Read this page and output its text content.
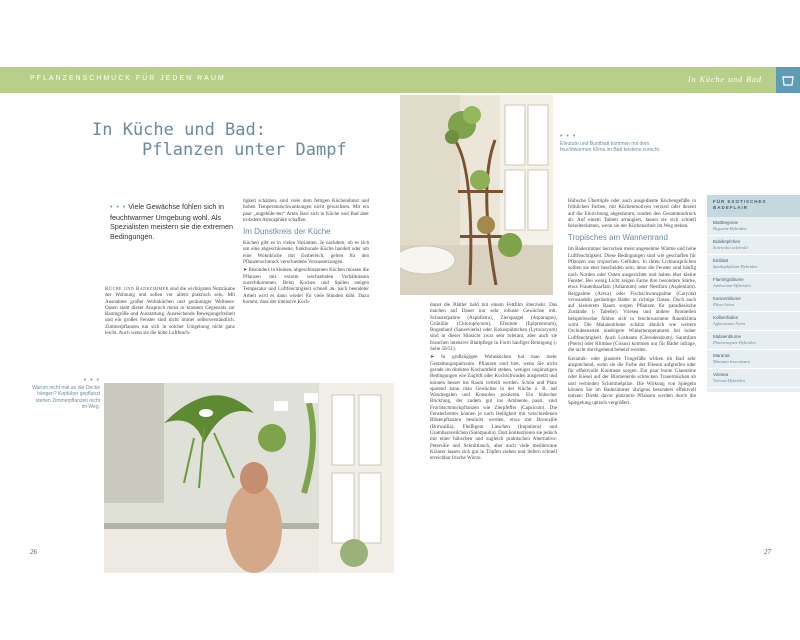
PFLANZENSCHMUCK FÜR JEDEN RAUM	In Küche und Bad
In Küche und Bad:
Pflanzen unter Dampf
• • • Viele Gewächse fühlen sich in feuchtwarmer Umgebung wohl. Als Spezialisten meistern sie die extremen Bedingungen.

Küche und Badezimmer sind die wichtigsten Nutzräume der Wohnung und sollen vor allem praktisch sein. Mit Ausnahme großer Wohnküchen und geräumiger Wellness-Oasen steht dieser Anspruch meist in krassem Gegensatz zur Raumgröße und Ausstattung. Ausreichende Bewegungsfreiheit und ein großes Fenster sind nicht immer selbstverständlich. Zimmerpflanzen tun sich in solcher Umgebung nicht ganz leicht. Auch wenn sie die hohe Luftfeuch-

tigkeit schätzen, sind viele dem fettigen Küchendunst und hohen Temperaturschwankungen nicht gewachsen. Mit ein paar „ungebühr-ten“ Arten lässt sich in Küche und Bad aber trotzdem Atmosphäre schaffen.

Im Dunstkreis der Küche

Küchen gibt es in vielen Varianten. Je nachdem, ob es sich um eine abgeschlossene, funktionale Küche handelt oder um eine Wohnküche mit Essbereich, gelten für den Pflanzenschmuck verschiedene Voraussetzungen.

➤ Besonders in kleinen, abgeschlossenen Küchen müssen die Pflanzen mit extrem wechselnden Verhältnissen zurechtkommen. Beim Kochen und Spülen steigen Temperatur und Luftfeuchtigkeit schnell an, nach beendeter Arbeit wird es dann wieder für viele Stunden kühl. Dazu kommt, dass der intensive Koch-

dunst die Blätter bald mit einem Fettfilm überzieht. Das machen auf Dauer nur sehr robuste Gewächse mit. Schusterpalme (Aspidistra), Zierspargel (Asparagus), Grünlilie (Chlorophytum), Efeutute (Epipremnum), Bogenhanf (Sansevieria) oder Kokospälmchen (Lytocaryum) sind in dieser Hinsicht zwar sehr tolerant, aber auch sie brauchen intensive Blattpflege in Form häufiger Reinigung (› Seite 50/51).

➤ In großzügigen Wohnküchen hat man mehr Gestaltungsspielraum. Pflanzen sind hier, wenn Sie nicht gerade im direkten Kochumfeld stehen, weniger ungünstigen Bedingungen wie Zugluft oder Kochschwaden ausgesetzt und können besser ins Raum verteilt werden. Schön und Platz sparend kann man Gewächse in der Küche z. B. auf Wandregalen und Konsolen postieren. Ein hübscher Blickfang, der zudem gut ins Ambiente passt, sind Fruchtschmuckpflanzen wie Zierpfeffer (Capsicum). Die Fensterbretter können je nach Helligkeit mit verschiedenen Blütenpflanzen bestückt werden, etwa mit Browallie (Browallia), Fleißigem Lieschen (Impatiens) und Usambaraveilchen (Saintpaulia). Dort konkurrieren sie jedoch mit einer hübschen und zugleich praktischen Alternative: Petersilie und Schnittlauch, aber auch viele mediterrane Kräuter lassen sich gut in Töpfen ziehen und liefern schnell erreichbar frische Würze.

Hübsche Übertöpfe oder auch ausgediente Küchengefäße in fröhlichen Farben, mit Küchenmotiven verziert oder dezent auf die Einrichtung abgestimmt, runden den Gesamteindruck ab. Auf einem Tablett arrangiert, lassen sie sich schnell beiseiteräumen, wenn sie der Küchenarbeit im Weg stehen.

Tropisches am Wannenrand

Im Badezimmer herrschen meist angenehme Wärme und hohe Luftfeuchtigkeit. Diese Bedingungen sind wie geschaffen für Pflanzen aus tropischen Gefilden. In ihren Lichtansprüchen sollten sie eher bescheiden sein, denn die Fenster sind häufig nach Norden oder Osten ausgerichtet und haben eher kleine Fenster. Bei wenig Licht zeigen Farne ihre besondere Stärke, etwa Frauenhaarfarn (Adiantum) oder Nestfarn (Asplenium). Bergpalme (Areca) oder Fischschwanzpalme (Caryota) verwandeln geräumige Bäder in richtige Oasen. Doch auch auf kleinerem Raum sorgen Pflanzen für paradiesische Zustände (› Tabelle): Vriesea und andere Bromelien beispielsweise fühlen sich in feuchtwarmem Raumklima wohl. Die Malaienblume schätzt ähnlich wie weitere Orchideenarten niedrigere Wintertemperaturen bei hoher Luftfeuchtigkeit. Auch Losbaum (Clerodendrum), Saumfarn (Pteris) oder Klimme (Cissus) kommen nur für Bäder infrage, die nicht durchgehend beheizt werden.

Keramik- oder glasierte Tongefäße wirken im Bad sehr ansprechend, wenn sie die Farbe der Fliesen aufgreifen oder für effektvolle Kontraste sorgen. Ein paar bunte Glassteine oder Kiesel auf der Blumenerde schrecken Trauermücken ab und verbinden Schimmelpilze. Die Wirkung von Spiegeln können Sie im Badezimmer übrigens besonders effektvoll nutzen: Direkt davor platzierte Pflanzen werden durch die Spiegelung optisch vergrößert.

• • •
Warum nicht mal an die Decke hängen? Kopfüber gepflanzt stehen Zimmerpflanzen nicht im Weg.
• • •
Efeutute und Buntblatt kommen mit dem feuchtwarmen Klima im Bad bestens zurecht.
FÜR EXOTISCHES BADEFLAIR
Blattbegonie
Begonia-Hybriden
Bubiköpfchen
Soleirolia soleirolii
Einblatt
Spathiphyllum-Hybriden
Flamingoblume
Anthurium-Hybriden
Kannenblume
Pilea-Arten
Kolbenfaden
Aglaonema-Arten
Malaienblume
Phalaenopsis-Hybriden
Maranta
Maranta leuconeura
Vriesea
Vriesea-Hybriden
26	27
